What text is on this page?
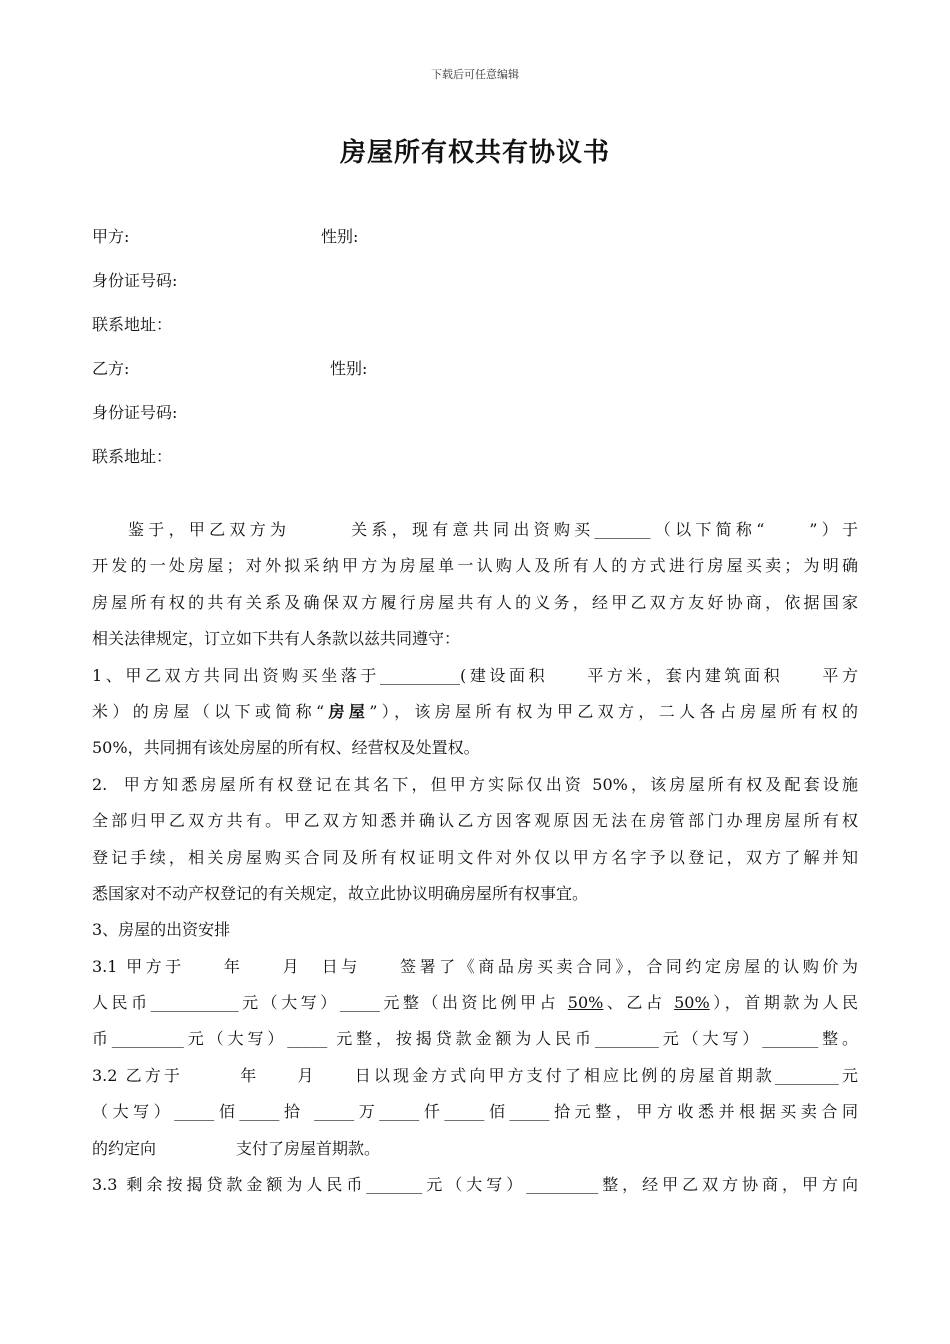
下载后可任意编辑
房屋所有权共有协议书
甲方:	性别:
身份证号码:
联系地址：
乙方:	性别:
身份证号码:
联系地址：
鉴于，甲乙双方为　　　关系，现有意共同出资购买_______（以下简称“　　”）于
开发的一处房屋；对外拟采纳甲方为房屋单一认购人及所有人的方式进行房屋买卖；为明确
房屋所有权的共有关系及确保双方履行房屋共有人的义务，经甲乙双方友好协商，依据国家
相关法律规定，订立如下共有人条款以兹共同遵守：
1、甲乙双方共同出资购买坐落于__________(建设面积　　平方米，套内建筑面积　　平方
米）的房屋（以下或简称“房屋”），该房屋所有权为甲乙双方，二人各占房屋所有权的
50%，共同拥有该处房屋的所有权、经营权及处置权。
2.  甲方知悉房屋所有权登记在其名下，但甲方实际仅出资 50%，该房屋所有权及配套设施
全部归甲乙双方共有。甲乙双方知悉并确认乙方因客观原因无法在房管部门办理房屋所有权
登记手续，相关房屋购买合同及所有权证明文件对外仅以甲方名字予以登记，双方了解并知
悉国家对不动产权登记的有关规定，故立此协议明确房屋所有权事宜。
3、房屋的出资安排
3.1 甲方于　　年　　月　日与　　签署了《商品房买卖合同》，合同约定房屋的认购价为
人民币___________元（大写）_____元整（出资比例甲占 50%、乙占 50%），首期款为人民
币_________元（大写）_____ 元整，按揭贷款金额为人民币________元（大写）_______整。
3.2 乙方于　　　年　　月　　日以现金方式向甲方支付了相应比例的房屋首期款________元
（大写）_____佰_____拾 _____万_____仟_____佰_____拾元整，甲方收悉并根据买卖合同
的约定向　　　　　支付了房屋首期款。
3.3 剩余按揭贷款金额为人民币_______元（大写）_________整，经甲乙双方协商，甲方向
